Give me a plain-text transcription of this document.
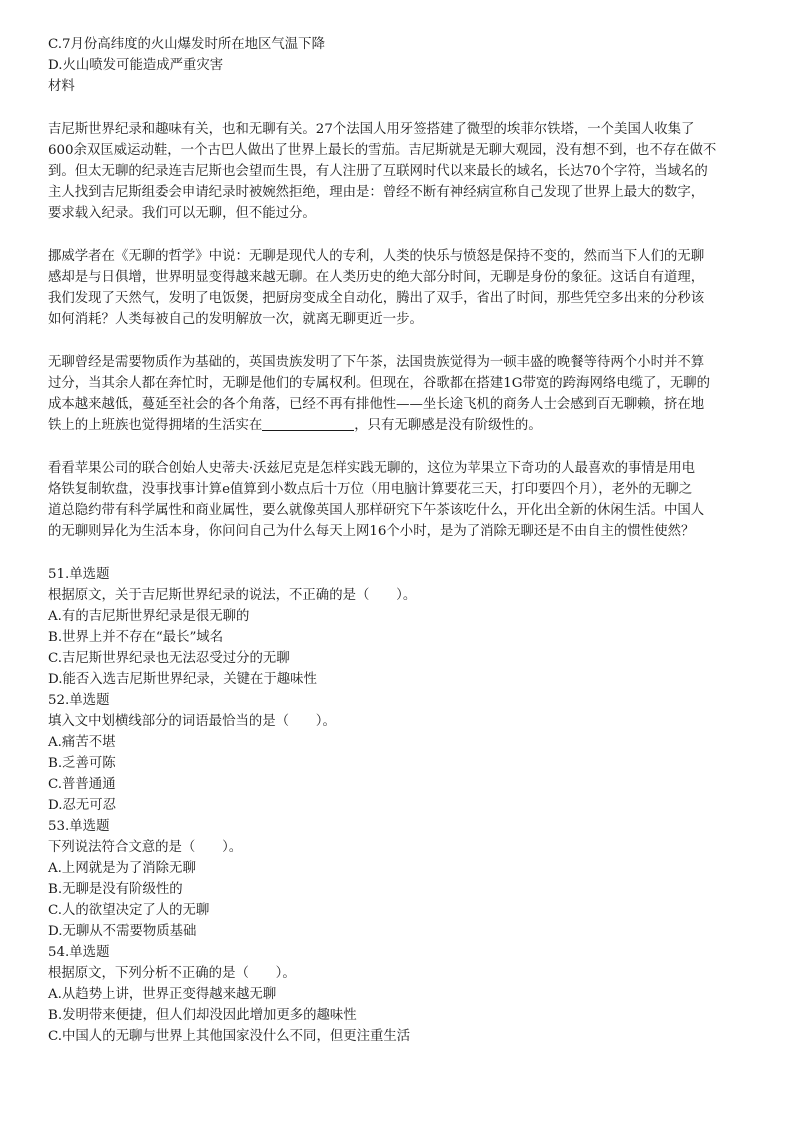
C.7月份高纬度的火山爆发时所在地区气温下降
D.火山喷发可能造成严重灾害
材料
吉尼斯世界纪录和趣味有关，也和无聊有关。27个法国人用牙签搭建了微型的埃菲尔铁塔，一个美国人收集了
600余双匡威运动鞋，一个古巴人做出了世界上最长的雪茄。吉尼斯就是无聊大观园，没有想不到，也不存在做不
到。但太无聊的纪录连吉尼斯也会望而生畏，有人注册了互联网时代以来最长的域名，长达70个字符，当域名的
主人找到吉尼斯组委会申请纪录时被婉然拒绝，理由是：曾经不断有神经病宣称自己发现了世界上最大的数字，
要求载入纪录。我们可以无聊，但不能过分。
挪威学者在《无聊的哲学》中说：无聊是现代人的专利，人类的快乐与愤怒是保持不变的，然而当下人们的无聊
感却是与日俱增，世界明显变得越来越无聊。在人类历史的绝大部分时间，无聊是身份的象征。这话自有道理，
我们发现了天然气，发明了电饭煲，把厨房变成全自动化，腾出了双手，省出了时间，那些凭空多出来的分秒该
如何消耗？人类每被自己的发明解放一次，就离无聊更近一步。
无聊曾经是需要物质作为基础的，英国贵族发明了下午茶，法国贵族觉得为一顿丰盛的晚餐等待两个小时并不算
过分，当其余人都在奔忙时，无聊是他们的专属权利。但现在，谷歌都在搭建1G带宽的跨海网络电缆了，无聊的
成本越来越低，蔓延至社会的各个角落，已经不再有排他性——坐长途飞机的商务人士会感到百无聊赖，挤在地
铁上的上班族也觉得拥堵的生活实在	，只有无聊感是没有阶级性的。
看看苹果公司的联合创始人史蒂夫·沃兹尼克是怎样实践无聊的，这位为苹果立下奇功的人最喜欢的事情是用电
烙铁复制软盘，没事找事计算e值算到小数点后十万位（用电脑计算要花三天，打印要四个月），老外的无聊之
道总隐约带有科学属性和商业属性，要么就像英国人那样研究下午茶该吃什么，开化出全新的休闲生活。中国人
的无聊则异化为生活本身，你问问自己为什么每天上网16个小时，是为了消除无聊还是不由自主的惯性使然？
51.单选题
根据原文，关于吉尼斯世界纪录的说法，不正确的是（　　）。
A.有的吉尼斯世界纪录是很无聊的
B.世界上并不存在“最长”域名
C.吉尼斯世界纪录也无法忍受过分的无聊
D.能否入选吉尼斯世界纪录，关键在于趣味性
52.单选题
填入文中划横线部分的词语最恰当的是（　　）。
A.痛苦不堪
B.乏善可陈
C.普普通通
D.忍无可忍
53.单选题
下列说法符合文意的是（　　）。
A.上网就是为了消除无聊
B.无聊是没有阶级性的
C.人的欲望决定了人的无聊
D.无聊从不需要物质基础
54.单选题
根据原文，下列分析不正确的是（　　）。
A.从趋势上讲，世界正变得越来越无聊
B.发明带来便捷，但人们却没因此增加更多的趣味性
C.中国人的无聊与世界上其他国家没什么不同，但更注重生活
